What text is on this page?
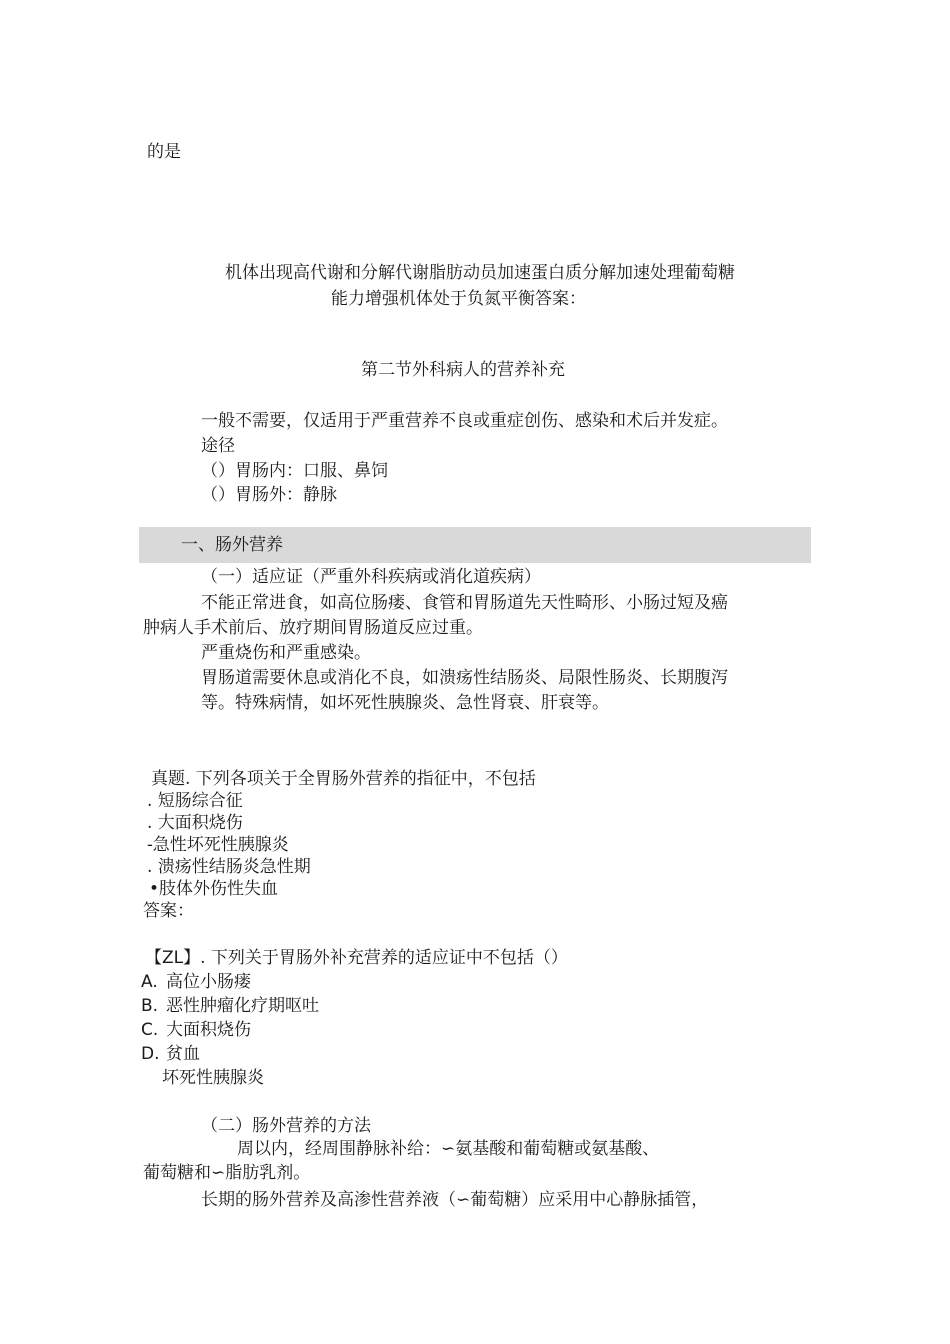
的是
机体出现高代谢和分解代谢脂肪动员加速蛋白质分解加速处理葡萄糖
能力增强机体处于负氮平衡答案：
第二节外科病人的营养补充
一般不需要，仅适用于严重营养不良或重症创伤、感染和术后并发症。
途径
（）胃肠内：口服、鼻饲
（）胃肠外：静脉
一、肠外营养
（一）适应证（严重外科疾病或消化道疾病）
不能正常进食，如高位肠瘘、食管和胃肠道先天性畸形、小肠过短及癌
肿病人手术前后、放疗期间胃肠道反应过重。
严重烧伤和严重感染。
胃肠道需要休息或消化不良，如溃疡性结肠炎、局限性肠炎、长期腹泻
等。特殊病情，如坏死性胰腺炎、急性肾衰、肝衰等。
真题. 下列各项关于全胃肠外营养的指征中，不包括
. 短肠综合征
. 大面积烧伤
-急性坏死性胰腺炎
. 溃疡性结肠炎急性期
•肢体外伤性失血
答案：
【ZL】. 下列关于胃肠外补充营养的适应证中不包括（）
A. 高位小肠瘘
B. 恶性肿瘤化疗期呕吐
C. 大面积烧伤
D. 贫血
坏死性胰腺炎
（二）肠外营养的方法
周以内，经周围静脉补给：∽氨基酸和葡萄糖或氨基酸、
葡萄糖和∽脂肪乳剂。
长期的肠外营养及高渗性营养液（∽葡萄糖）应采用中心静脉插管，
